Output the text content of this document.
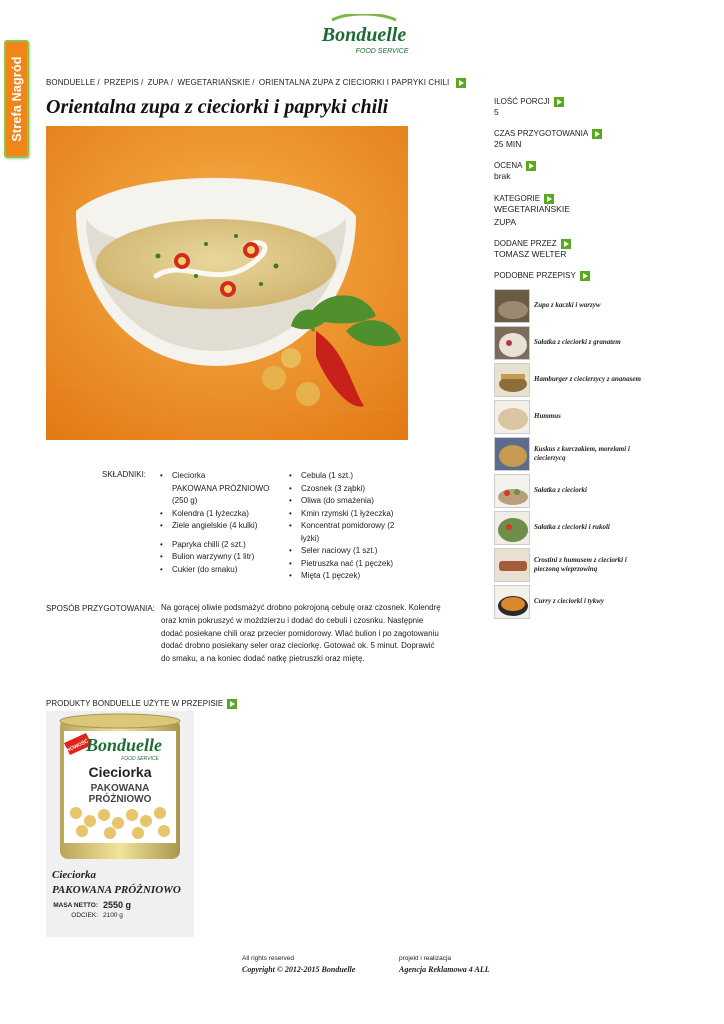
Bonduelle
FOOD SERVICE
Strefa Nagród	BONDUELLE / PRZEPIS / ZUPA / WEGETARIAŃSKIE / ORIENTALNA ZUPA Z CIECIORKI I PAPRYKI CHILI
Orientalna zupa z cieciorki i papryki chili	ILOŚĆ PORCJI
5
CZAS PRZYGOTOWANIA
25 MIN
OCENA
brak
KATEGORIE
WEGETARIAŃSKIE
ZUPA
DODANE PRZEZ
TOMASZ WELTER
PODOBNE PRZEPISY
Zupa z kaczki i warzyw
Sałatka z cieciorki z granatem
Hamburger z ciecierzycy z ananasem
Hummus
Kuskus z kurczakiem, morelami i ciecierzycą
Sałatka z cieciorki
Sałatka z cieciorki i rukoli
Crostini z humusem z cieciorki i pieczoną wieprzowiną
Curry z cieciorki i tykwy
SKŁADNIKI:
•	Cieciorka
PAKOWANA PRÓŻNIOWO
(250 g)
• Kolendra (1 łyżeczka)
• Ziele angielskie (4 kulki)
• Papryka chilli (2 szt.)
• Bulion warzywny (1 litr)
• Cukier (do smaku)
• Cebula (1 szt.)
• Czosnek (3 ząbki)
• Oliwa (do smażenia)
• Kmin rzymski (1 łyżeczka)
• Koncentrat pomidorowy (2
łyżki)
• Seler naciowy (1 szt.)
• Pietruszka nać (1 pęczek)
• Mięta (1 pęczek)
SPOSÓB PRZYGOTOWANIA: Na gorącej oliwie podsmażyć drobno pokrojoną cebulę oraz czosnek. Kolendrę oraz kmin pokruszyć w moździerzu i dodać do cebuli i czosnku. Następnie dodać posiekane chili oraz przecier pomidorowy. Wlać bulion i po zagotowaniu dodać drobno posiekany seler oraz cieciorkę. Gotować ok. 5 minut. Doprawić do smaku, a na koniec dodać natkę pietruszki oraz miętę.

PRODUKTY BONDUELLE UŻYTE W PRZEPISIE
NOWOŚĆ
Bonduelle
FOOD SERVICE
Cieciorka
PAKOWANA
PRÓŻNIOWO
Cieciorka
PAKOWANA PRÓŻNIOWO
MASA NETTO: 2550 g
ODCIEK: 2100 g
All rights reserved
Copyright © 2012-2015 Bonduelle
projekt i realizacja
Agencja Reklamowa 4 ALL
